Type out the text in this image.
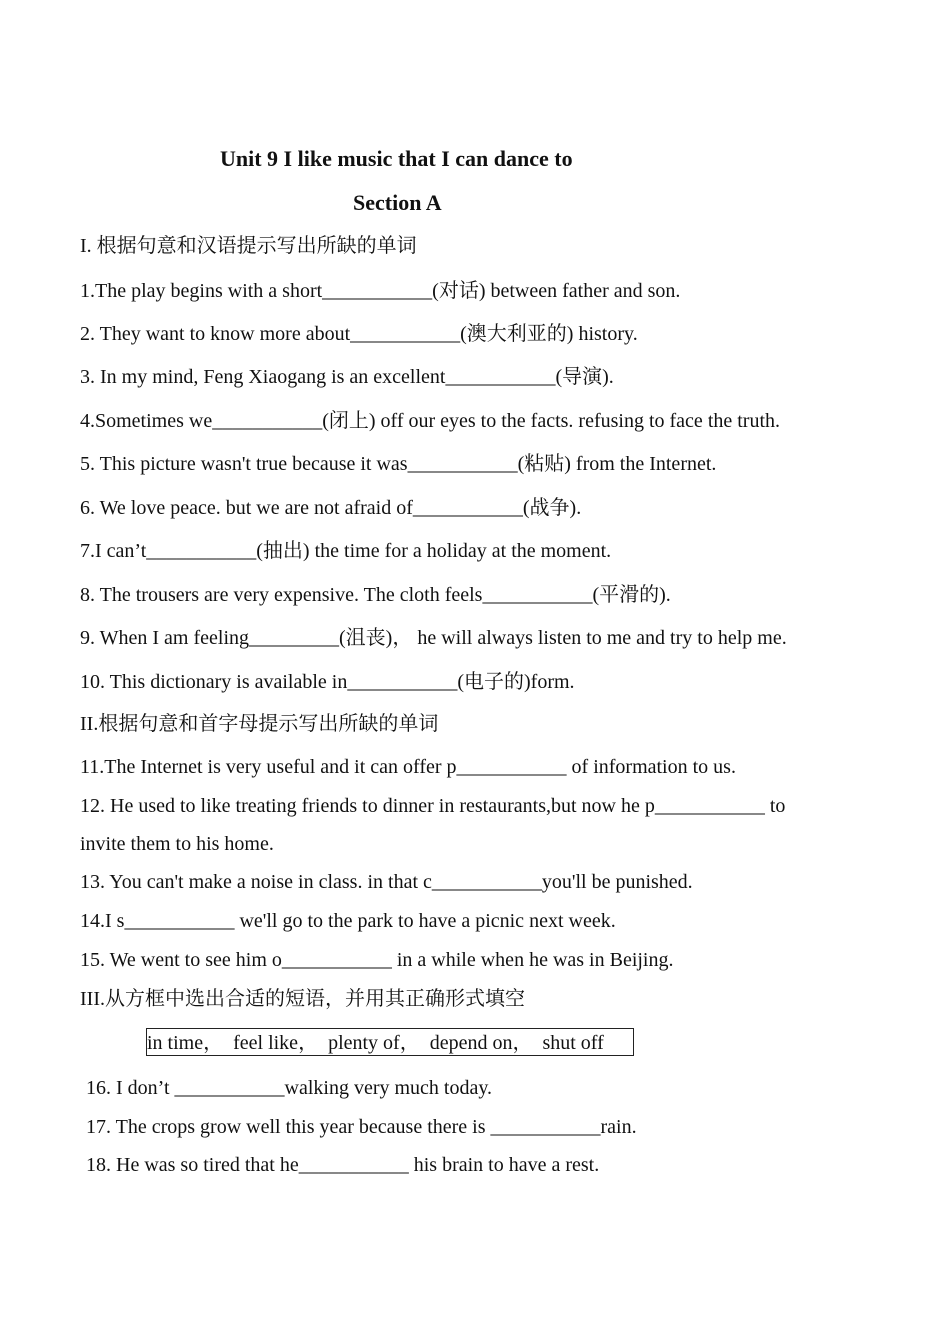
Unit 9 I like music that I can dance to
Section A
I. 根据句意和汉语提示写出所缺的单词
1.The play begins with a short___________(对话) between father and son.
2. They want to know more about___________(澳大利亚的) history.
3. In my mind, Feng Xiaogang is an excellent___________(导演).
4.Sometimes we___________(闭上) off our eyes to the facts. refusing to face the truth.
5. This picture wasn't true because it was___________(粘贴) from the Internet.
6. We love peace. but we are not afraid of___________(战争).
7.I can’t___________(抽出) the time for a holiday at the moment.
8. The trousers are very expensive. The cloth feels___________(平滑的).
9. When I am feeling_________(沮丧)， he will always listen to me and try to help me.
10. This dictionary is available in___________(电子的)form.
II.根据句意和首字母提示写出所缺的单词
11.The Internet is very useful and it can offer p___________ of information to us.
12. He used to like treating friends to dinner in restaurants,but now he p___________ to
invite them to his home.
13. You can't make a noise in class. in that c___________you'll be punished.
14.I s___________ we'll go to the park to have a picnic next week.
15. We went to see him o___________ in a while when he was in Beijing.
III.从方框中选出合适的短语，并用其正确形式填空
in time，  feel like，  plenty of，  depend on，  shut off
16. I don’t ___________walking very much today.
17. The crops grow well this year because there is ___________rain.
18. He was so tired that he___________ his brain to have a rest.
